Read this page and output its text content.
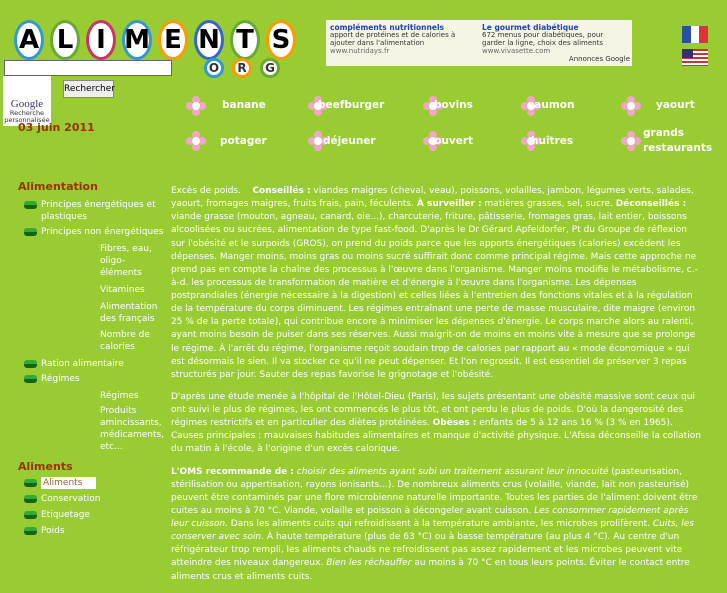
A L I M E N T S
O	R	G
Google
Recherche personnalisée
Rechercher
03 juin 2011
compléments nutritionnels
apport de protéines et de calories à ajouter dans l'alimentation
www.nutridays.fr
Le gourmet diabétique
672 menus pour diabétiques, pour garder la ligne, choix des aliments
www.vivasette.com
Annonces Google
banane	beefburger	bovins	saumon	yaourt
potager	déjeuner	couvert	huîtres
grands restaurants
Alimentation
Principes énergétiques et plastiques
Principes non énergétiques
Fibres, eau, oligo-éléments
Vitamines
Alimentation des français
Nombre de calories
Ration alimentaire
Régimes
Régimes
Produits amincissants, médicaments, etc...
Aliments
Aliments
Conservation
Etiquetage
Poids

Excès de poids. Conseillés : viandes maigres (cheval, veau), poissons, volailles, jambon, légumes verts, salades, yaourt, fromages maigres, fruits frais, pain, féculents. À surveiller : matières grasses, sel, sucre. Déconseillés : viande grasse (mouton, agneau, canard, oie...), charcuterie, friture, pâtisserie, fromages gras, lait entier, boissons alcoolisées ou sucrées, alimentation de type fast-food. D'après le Dr Gérard Apfeldorfer, Pt du Groupe de réflexion sur l'obésité et le surpoids (GROS), on prend du poids parce que les apports énergétiques (calories) excèdent les dépenses. Manger moins, moins gras ou moins sucré suffirait donc comme principal régime. Mais cette approche ne prend pas en compte la chaîne des processus à l'œuvre dans l'organisme. Manger moins modifie le métabolisme, c.-à-d. les processus de transformation de matière et d'énergie à l'œuvre dans l'organisme. Les dépenses postprandiales (énergie nécessaire à la digestion) et celles liées à l'entretien des fonctions vitales et à la régulation de la température du corps diminuent. Les régimes entraînant une perte de masse musculaire, dite maigre (environ 25 % de la perte totale), qui contribue encore à minimiser les dépenses d'énergie. Le corps marche alors au ralenti, ayant moins besoin de puiser dans ses réserves. Aussi maigrit-on de moins en moins vite à mesure que se prolonge le régime. À l'arrêt du régime, l'organisme reçoit soudain trop de calories par rapport au « mode économique » qui est désormais le sien. Il va stocker ce qu'il ne peut dépenser. Et l'on regrossit. Il est essentiel de préserver 3 repas structurés par jour. Sauter des repas favorise le grignotage et l'obésité.

D'après une étude menée à l'hôpital de l'Hôtel-Dieu (Paris), les sujets présentant une obésité massive sont ceux qui ont suivi le plus de régimes, les ont commencés le plus tôt, et ont perdu le plus de poids. D'où la dangerosité des régimes restrictifs et en particulier des diètes protéinées. Obèses : enfants de 5 à 12 ans 16 % (3 % en 1965). Causes principales : mauvaises habitudes alimentaires et manque d'activité physique. L'Afssa déconseille la collation du matin à l'école, à l'origine d'un excès calorique.

L'OMS recommande de : choisir des aliments ayant subi un traitement assurant leur innocuité (pasteurisation, stérilisation ou appertisation, rayons ionisants...). De nombreux aliments crus (volaille, viande, lait non pasteurisé) peuvent être contaminés par une flore microbienne naturelle importante. Toutes les parties de l'aliment doivent être cuites au moins à 70 °C. Viande, volaille et poisson à décongeler avant cuisson. Les consommer rapidement après leur cuisson. Dans les aliments cuits qui refroidissent à la température ambiante, les microbes prolifèrent. Cuits, les conserver avec soin. À haute température (plus de 63 °C) ou à basse température (au plus 4 °C). Au centre d'un réfrigérateur trop rempli, les aliments chauds ne refroidissent pas assez rapidement et les microbes peuvent vite atteindre des niveaux dangereux. Bien les réchauffer au moins à 70 °C en tous leurs points. Éviter le contact entre aliments crus et aliments cuits.
